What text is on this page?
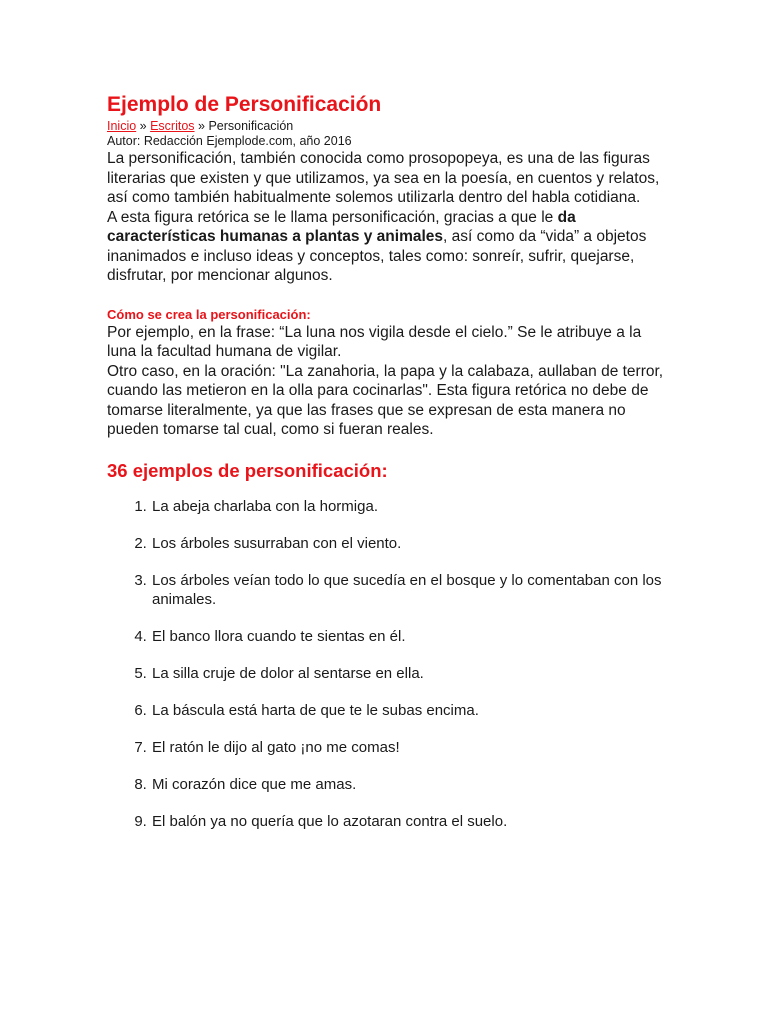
Ejemplo de Personificación
Inicio » Escritos » Personificación
Autor: Redacción Ejemplode.com, año 2016

La personificación, también conocida como prosopopeya, es una de las figuras literarias que existen y que utilizamos, ya sea en la poesía, en cuentos y relatos, así como también habitualmente solemos utilizarla dentro del habla cotidiana.

A esta figura retórica se le llama personificación, gracias a que le da características humanas a plantas y animales, así como da “vida” a objetos inanimados e incluso ideas y conceptos, tales como: sonreír, sufrir, quejarse, disfrutar, por mencionar algunos.

Cómo se crea la personificación:

Por ejemplo, en la frase: “La luna nos vigila desde el cielo.” Se le atribuye a la luna la facultad humana de vigilar.

Otro caso, en la oración: "La zanahoria, la papa y la calabaza, aullaban de terror, cuando las metieron en la olla para cocinarlas". Esta figura retórica no debe de tomarse literalmente, ya que las frases que se expresan de esta manera no pueden tomarse tal cual, como si fueran reales.

36 ejemplos de personificación:
1. La abeja charlaba con la hormiga.
2. Los árboles susurraban con el viento.
3. Los árboles veían todo lo que sucedía en el bosque y lo comentaban con los animales.
4. El banco llora cuando te sientas en él.
5. La silla cruje de dolor al sentarse en ella.
6. La báscula está harta de que te le subas encima.
7. El ratón le dijo al gato ¡no me comas!
8. Mi corazón dice que me amas.
9. El balón ya no quería que lo azotaran contra el suelo.
